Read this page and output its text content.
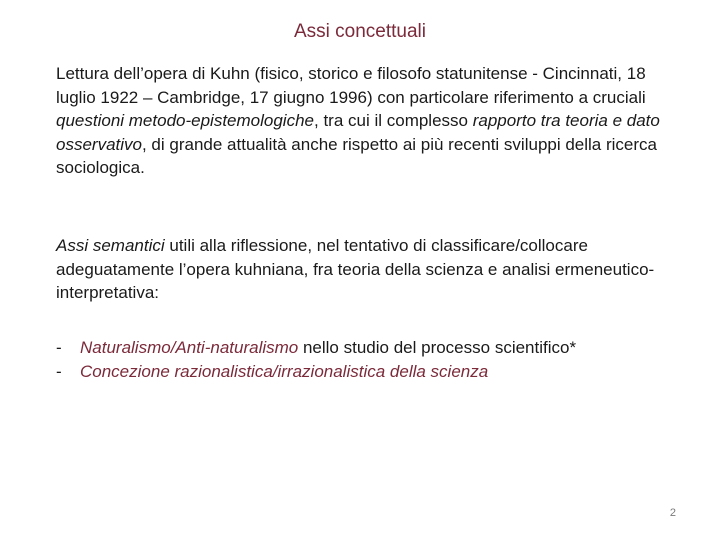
Assi concettuali

Lettura dell’opera di Kuhn (fisico, storico e filosofo statunitense - Cincinnati, 18 luglio 1922 – Cambridge, 17 giugno 1996) con particolare riferimento a cruciali questioni metodo-epistemologiche, tra cui il complesso rapporto tra teoria e dato osservativo, di grande attualità anche rispetto ai più recenti sviluppi della ricerca sociologica.

Assi semantici utili alla riflessione, nel tentativo di classificare/collocare adeguatamente l’opera kuhniana, fra teoria della scienza e analisi ermeneutico-interpretativa:

- Naturalismo/Anti-naturalismo nello studio del processo scientifico*
- Concezione razionalistica/irrazionalistica della scienza
2
